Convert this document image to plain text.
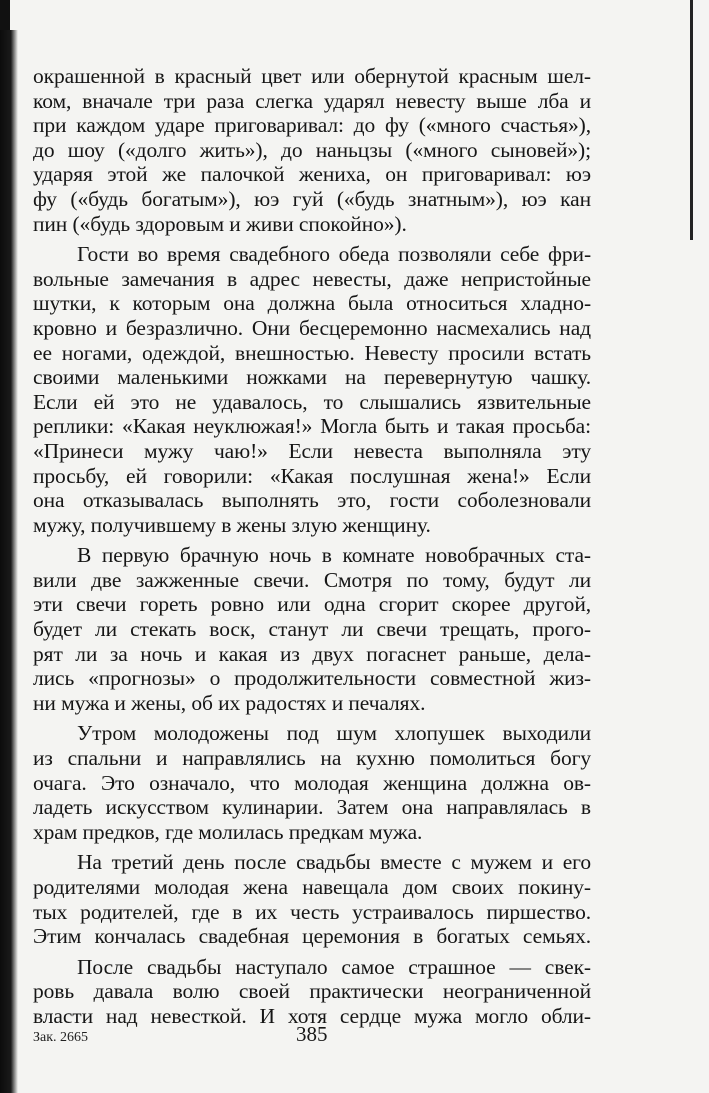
окрашенной в красный цвет или обернутой красным шел-
ком, вначале три раза слегка ударял невесту выше лба и
при каждом ударе приговаривал: до фу («много счастья»),
до шоу («долго жить»), до наньцзы («много сыновей»);
ударяя этой же палочкой жениха, он приговаривал: юэ
фу («будь богатым»), юэ гуй («будь знатным»), юэ кан
пин («будь здоровым и живи спокойно»).

Гости во время свадебного обеда позволяли себе фри-
вольные замечания в адрес невесты, даже непристойные
шутки, к которым она должна была относиться хладно-
кровно и безразлично. Они бесцеремонно насмехались над
ее ногами, одеждой, внешностью. Невесту просили встать
своими маленькими ножками на перевернутую чашку.
Если ей это не удавалось, то слышались язвительные
реплики: «Какая неуклюжая!» Могла быть и такая просьба:
«Принеси мужу чаю!» Если невеста выполняла эту
просьбу, ей говорили: «Какая послушная жена!» Если
она отказывалась выполнять это, гости соболезновали
мужу, получившему в жены злую женщину.

В первую брачную ночь в комнате новобрачных ста-
вили две зажженные свечи. Смотря по тому, будут ли
эти свечи гореть ровно или одна сгорит скорее другой,
будет ли стекать воск, станут ли свечи трещать, прого-
рят ли за ночь и какая из двух погаснет раньше, дела-
лись «прогнозы» о продолжительности совместной жиз-
ни мужа и жены, об их радостях и печалях.

Утром молодожены под шум хлопушек выходили
из спальни и направлялись на кухню помолиться богу
очага. Это означало, что молодая женщина должна ов-
ладеть искусством кулинарии. Затем она направлялась в
храм предков, где молилась предкам мужа.

На третий день после свадьбы вместе с мужем и его
родителями молодая жена навещала дом своих покину-
тых родителей, где в их честь устраивалось пиршество.
Этим кончалась свадебная церемония в богатых семьях.

После свадьбы наступало самое страшное — свек-
ровь давала волю своей практически неограниченной
власти над невесткой. И хотя сердце мужа могло обли-

Зак. 2665	385
